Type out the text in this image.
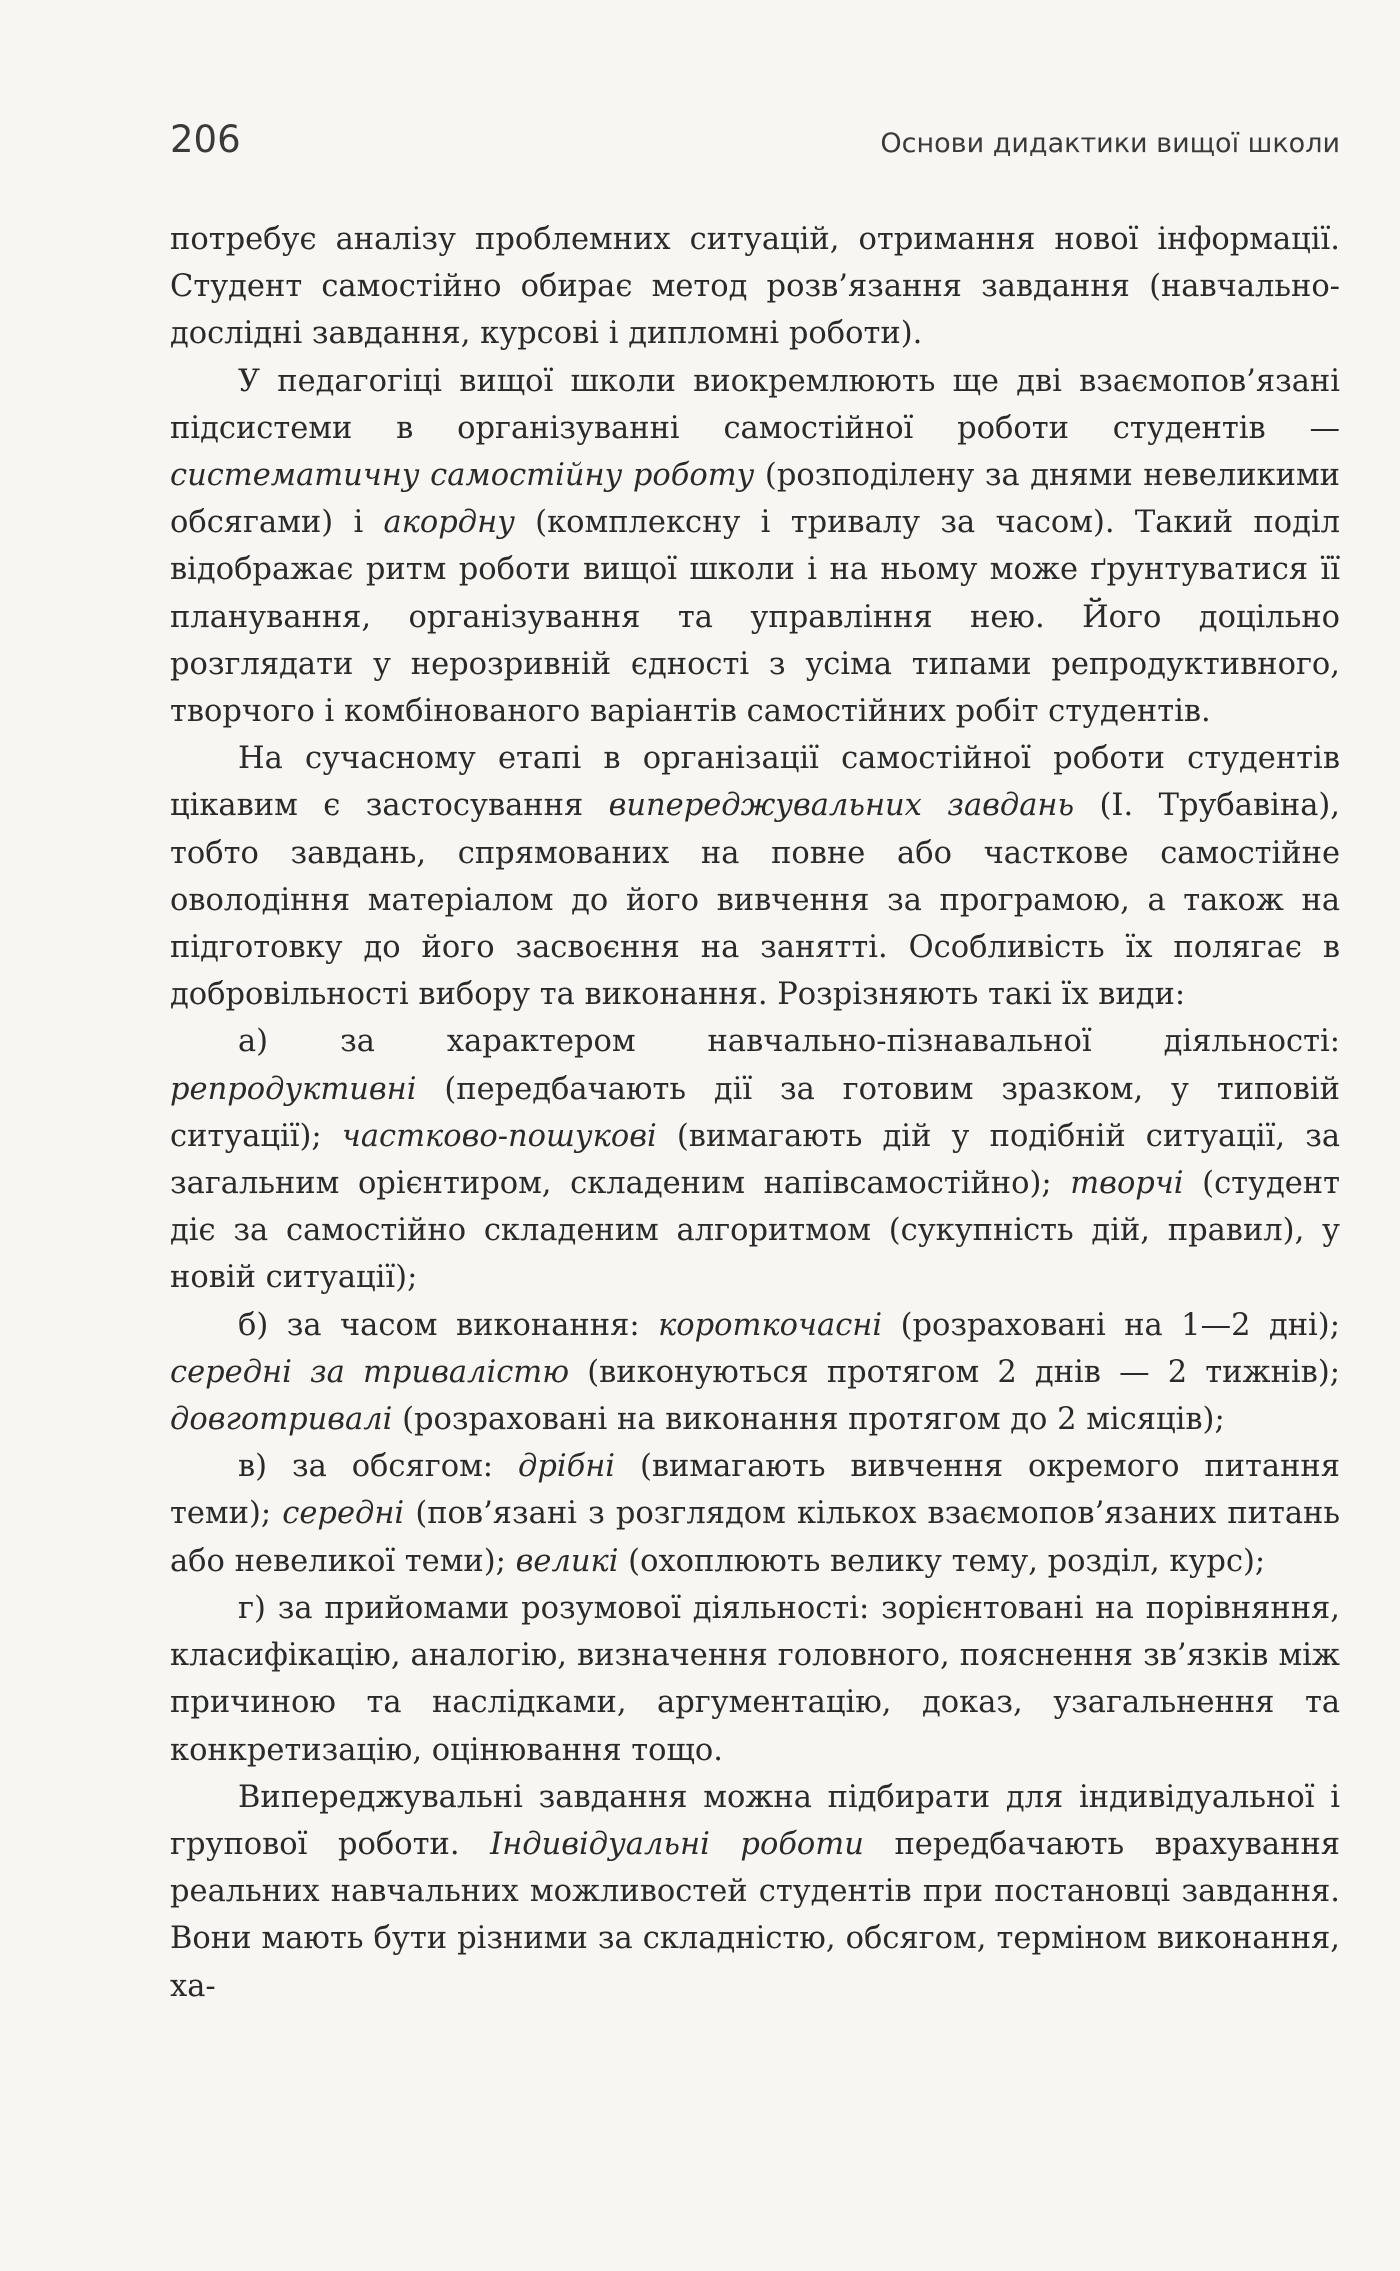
206	Основи дидактики вищої школи

потребує аналізу проблемних ситуацій, отримання нової інформації. Студент самостійно обирає метод розв’язання завдання (навчально-дослідні завдання, курсові і дипломні роботи).

У педагогіці вищої школи виокремлюють ще дві взаємопов’язані підсистеми в організуванні самостійної роботи студентів — систематичну самостійну роботу (розподілену за днями невеликими обсягами) і акордну (комплексну і тривалу за часом). Такий поділ відображає ритм роботи вищої школи і на ньому може ґрунтуватися її планування, організування та управління нею. Його доцільно розглядати у нерозривній єдності з усіма типами репродуктивного, творчого і комбінованого варіантів самостійних робіт студентів.

На сучасному етапі в організації самостійної роботи студентів цікавим є застосування випереджувальних завдань (І. Трубавіна), тобто завдань, спрямованих на повне або часткове самостійне оволодіння матеріалом до його вивчення за програмою, а також на підготовку до його засвоєння на занятті. Особливість їх полягає в добровільності вибору та виконання. Розрізняють такі їх види:

а) за характером навчально-пізнавальної діяльності: репродуктивні (передбачають дії за готовим зразком, у типовій ситуації); частково-пошукові (вимагають дій у подібній ситуації, за загальним орієнтиром, складеним напівсамостійно); творчі (студент діє за самостійно складеним алгоритмом (сукупність дій, правил), у новій ситуації);

б) за часом виконання: короткочасні (розраховані на 1—2 дні); середні за тривалістю (виконуються протягом 2 днів — 2 тижнів); довготривалі (розраховані на виконання протягом до 2 місяців);

в) за обсягом: дрібні (вимагають вивчення окремого питання теми); середні (пов’язані з розглядом кількох взаємопов’язаних питань або невеликої теми); великі (охоплюють велику тему, розділ, курс);

г) за прийомами розумової діяльності: зорієнтовані на порівняння, класифікацію, аналогію, визначення головного, пояснення зв’язків між причиною та наслідками, аргументацію, доказ, узагальнення та конкретизацію, оцінювання тощо.

Випереджувальні завдання можна підбирати для індивідуальної і групової роботи. Індивідуальні роботи передбачають врахування реальних навчальних можливостей студентів при постановці завдання. Вони мають бути різними за складністю, обсягом, терміном виконання, ха-
